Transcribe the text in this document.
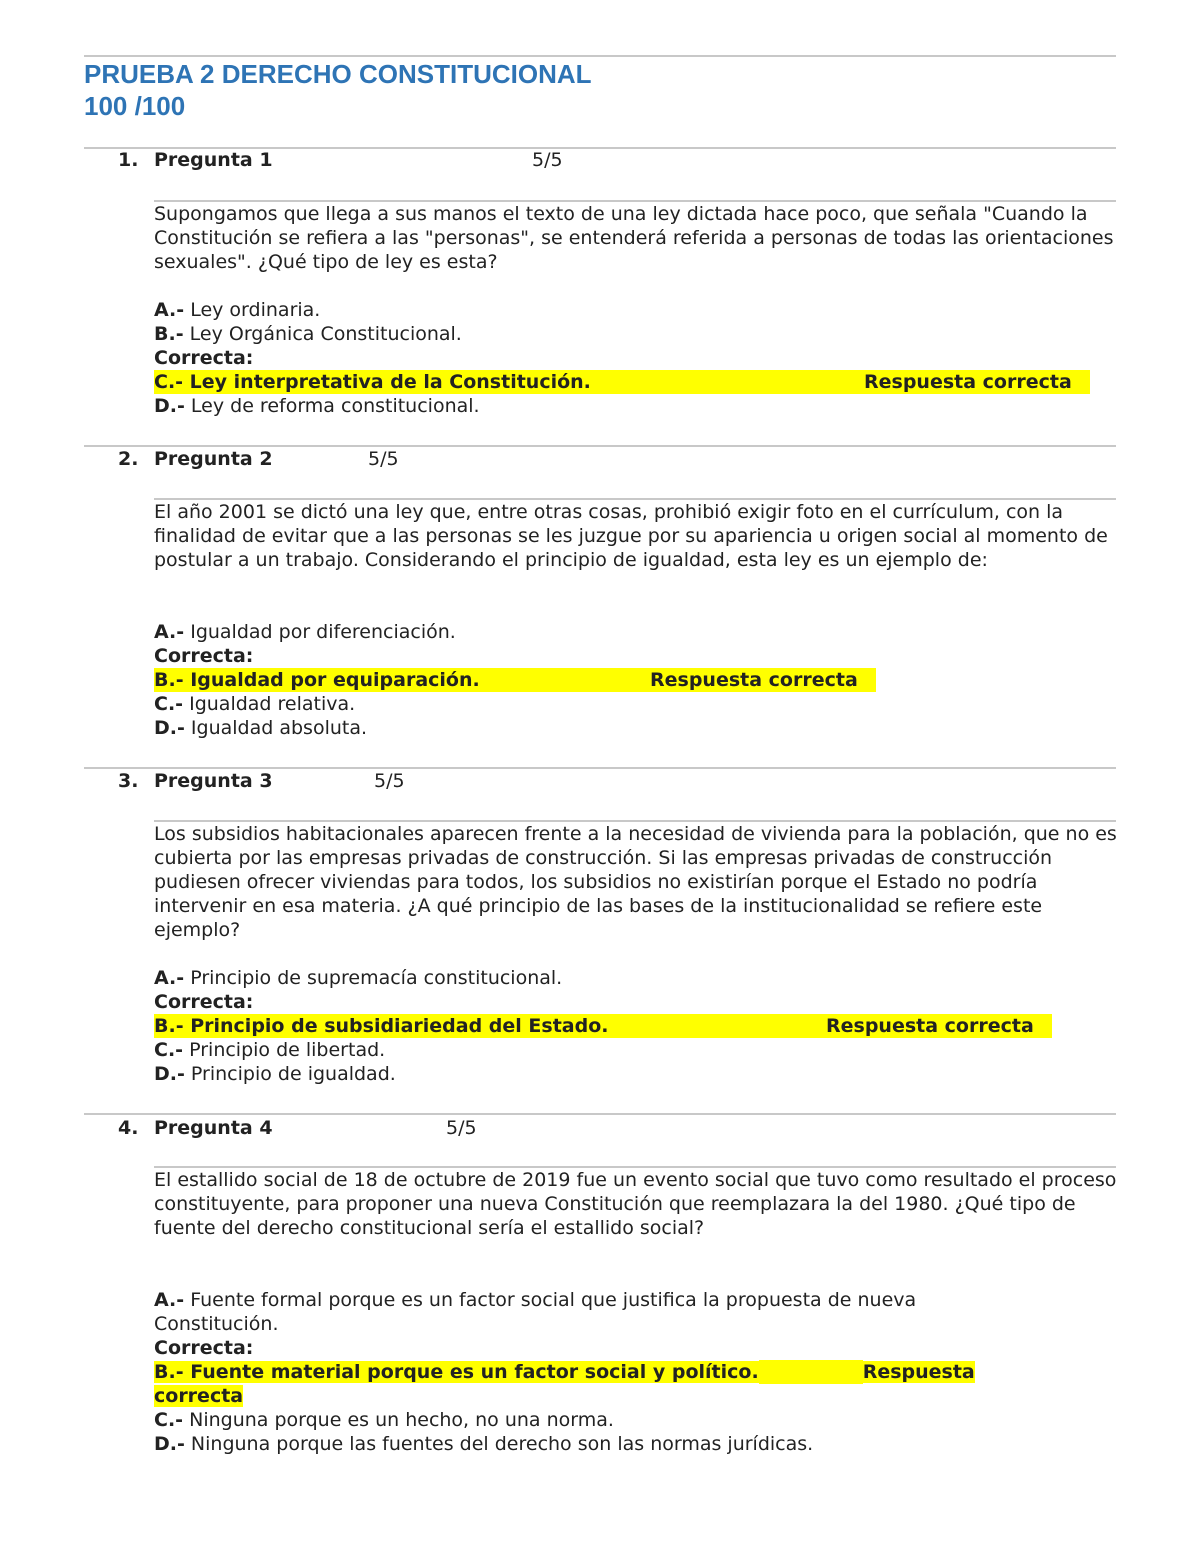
PRUEBA 2 DERECHO CONSTITUCIONAL
100 /100
1. Pregunta 1	5/5
Supongamos que llega a sus manos el texto de una ley dictada hace poco, que señala "Cuando la Constitución se refiera a las "personas", se entenderá referida a personas de todas las orientaciones sexuales". ¿Qué tipo de ley es esta?
A.- Ley ordinaria.
B.- Ley Orgánica Constitucional.
Correcta:
C.- Ley interpretativa de la Constitución.	Respuesta correcta
D.- Ley de reforma constitucional.
2. Pregunta 2	5/5
El año 2001 se dictó una ley que, entre otras cosas, prohibió exigir foto en el currículum, con la finalidad de evitar que a las personas se les juzgue por su apariencia u origen social al momento de postular a un trabajo. Considerando el principio de igualdad, esta ley es un ejemplo de:
A.- Igualdad por diferenciación.
Correcta:
B.- Igualdad por equiparación.	Respuesta correcta
C.- Igualdad relativa.
D.- Igualdad absoluta.
3. Pregunta 3	5/5
Los subsidios habitacionales aparecen frente a la necesidad de vivienda para la población, que no es cubierta por las empresas privadas de construcción. Si las empresas privadas de construcción pudiesen ofrecer viviendas para todos, los subsidios no existirían porque el Estado no podría intervenir en esa materia. ¿A qué principio de las bases de la institucionalidad se refiere este ejemplo?
A.- Principio de supremacía constitucional.
Correcta:
B.- Principio de subsidiariedad del Estado.	Respuesta correcta
C.- Principio de libertad.
D.- Principio de igualdad.
4. Pregunta 4	5/5
El estallido social de 18 de octubre de 2019 fue un evento social que tuvo como resultado el proceso constituyente, para proponer una nueva Constitución que reemplazara la del 1980. ¿Qué tipo de fuente del derecho constitucional sería el estallido social?
A.- Fuente formal porque es un factor social que justifica la propuesta de nueva Constitución.
Correcta:
B.- Fuente material porque es un factor social y político.	Respuesta correcta
C.- Ninguna porque es un hecho, no una norma.
D.- Ninguna porque las fuentes del derecho son las normas jurídicas.
